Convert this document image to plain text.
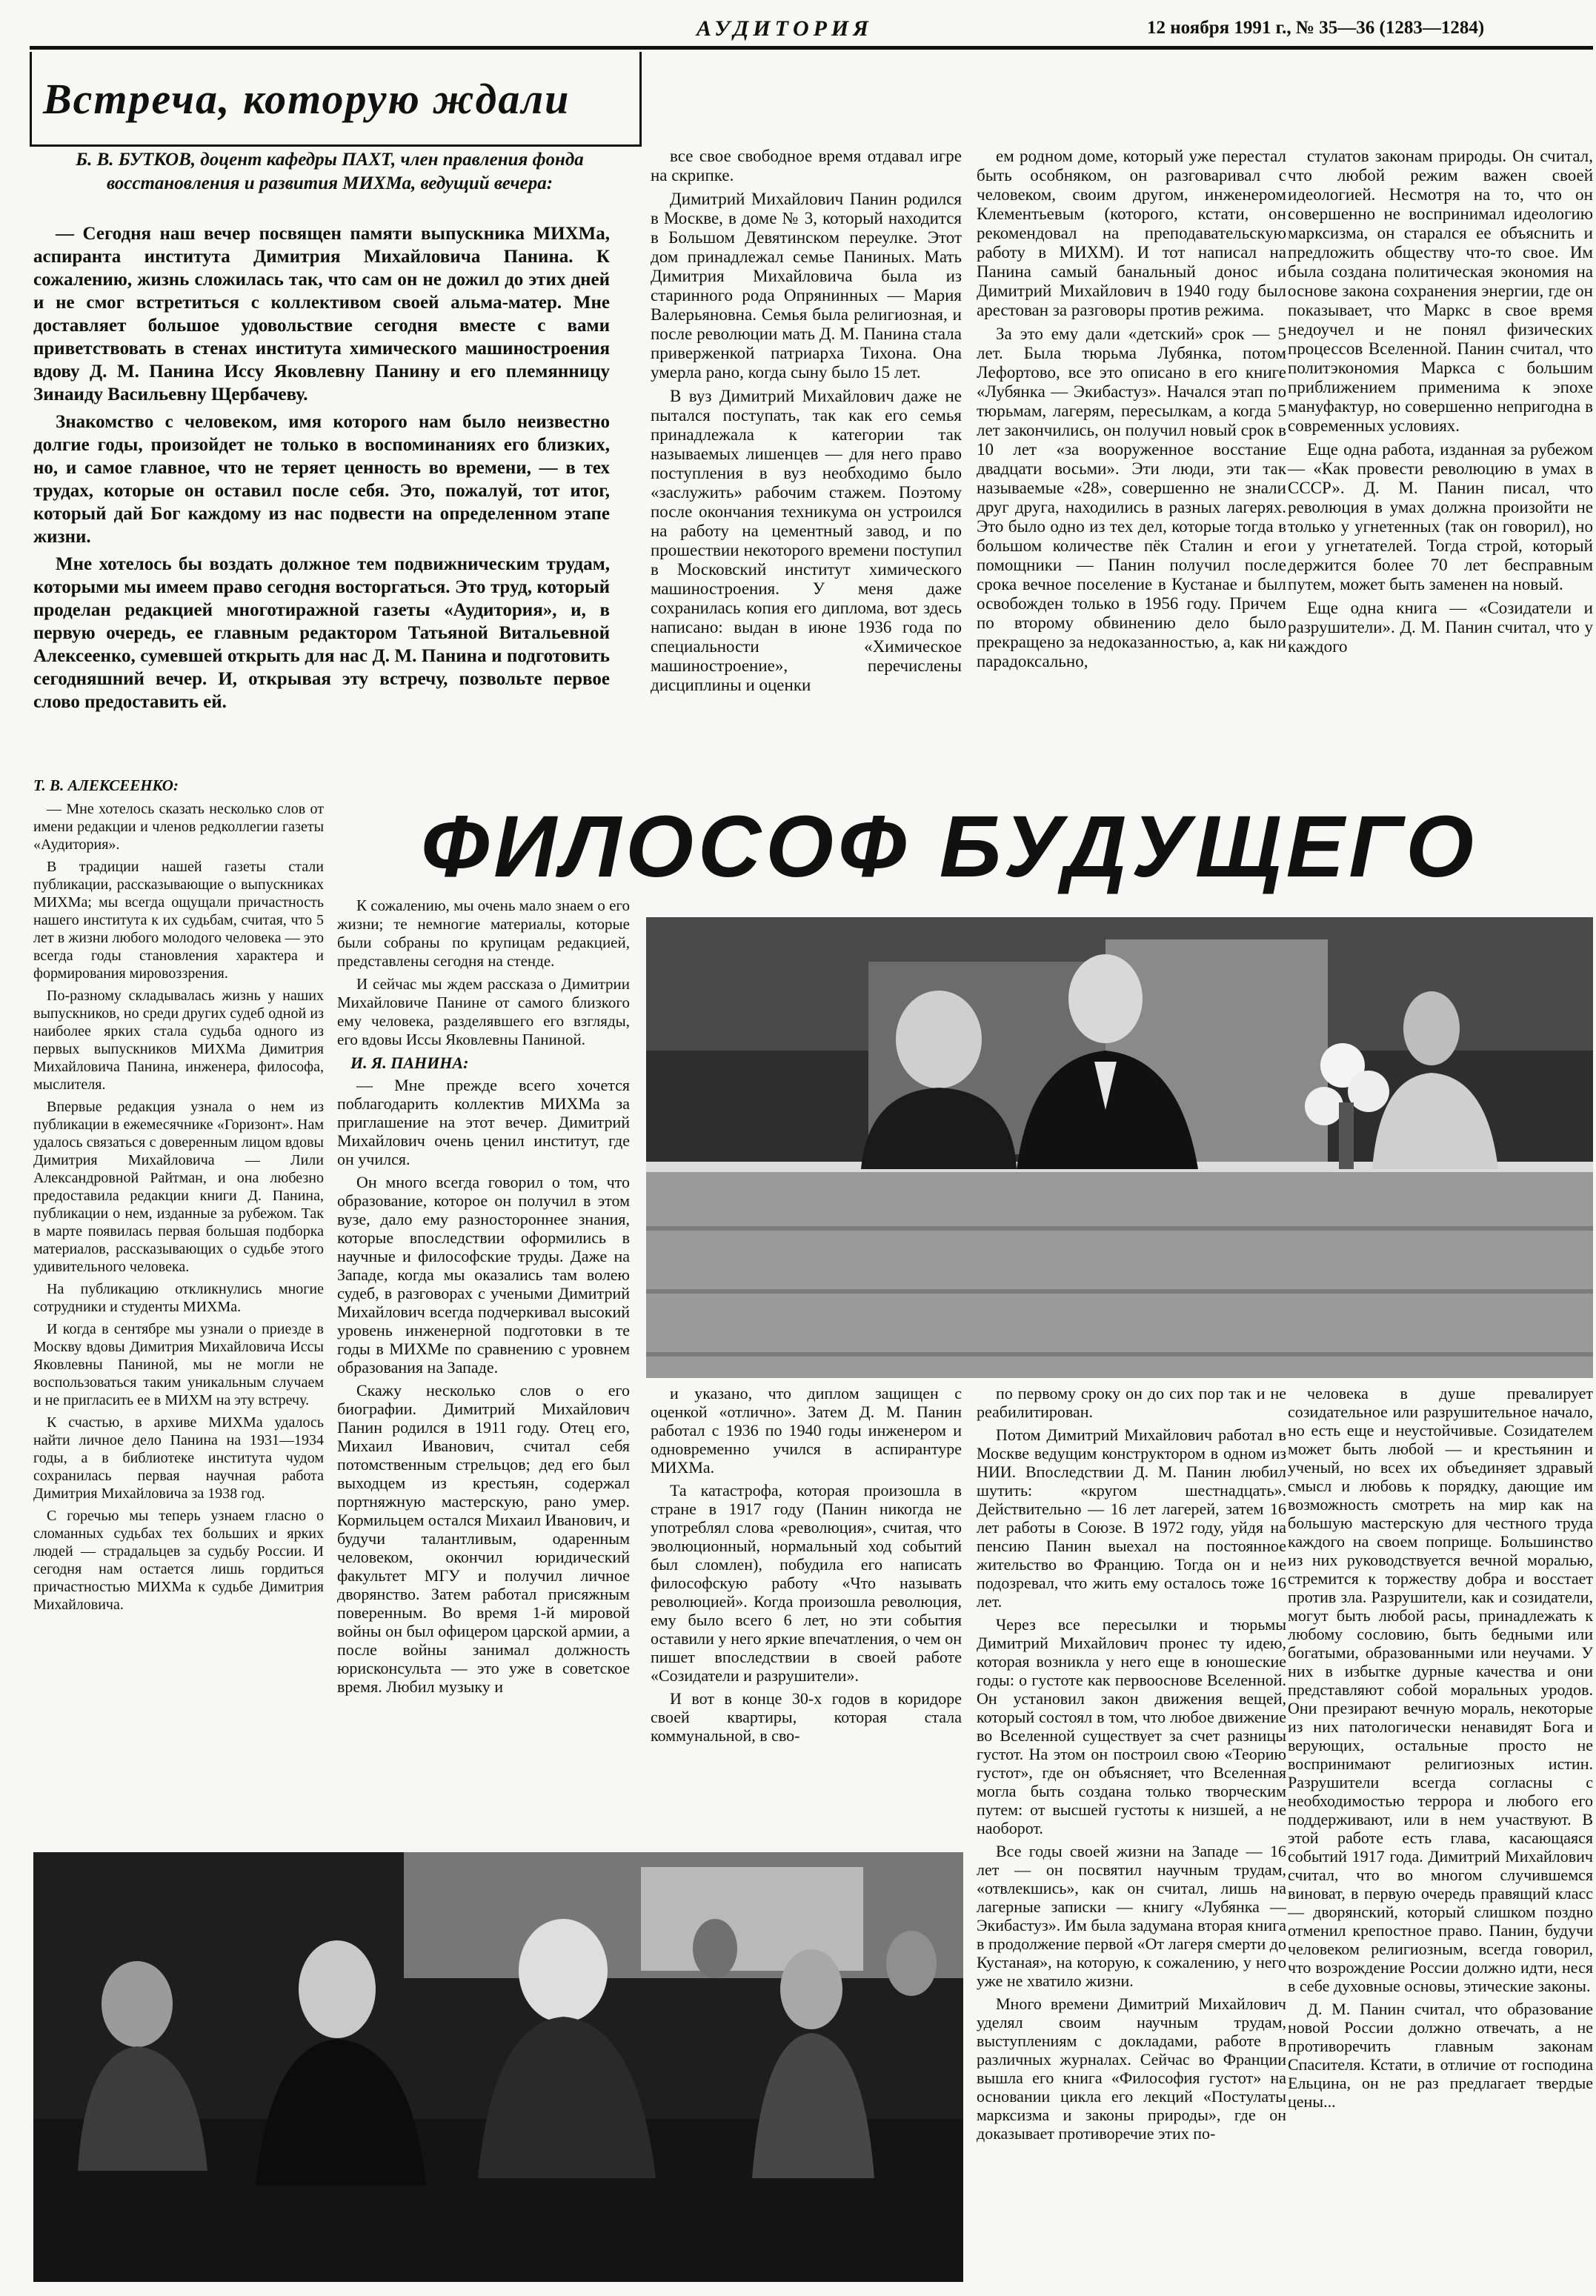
АУДИТОРИЯ	12 ноября 1991 г., № 35—36 (1283—1284)
Встреча, которую ждали
Б. В. БУТКОВ, доцент кафедры ПАХТ, член правления фонда восстановления и развития МИХМа, ведущий вечера:

— Сегодня наш вечер посвящен памяти выпускника МИХМа, аспиранта института Димитрия Михайловича Панина. К сожалению, жизнь сложилась так, что сам он не дожил до этих дней и не смог встретиться с коллективом своей альма-матер. Мне доставляет большое удовольствие сегодня вместе с вами приветствовать в стенах института химического машиностроения вдову Д. М. Панина Иссу Яковлевну Панину и его племянницу Зинаиду Васильевну Щербачеву.

Знакомство с человеком, имя которого нам было неизвестно долгие годы, произойдет не только в воспоминаниях его близких, но, и самое главное, что не теряет ценность во времени, — в тех трудах, которые он оставил после себя. Это, пожалуй, тот итог, который дай Бог каждому из нас подвести на определенном этапе жизни.

Мне хотелось бы воздать должное тем подвижническим трудам, которыми мы имеем право сегодня восторгаться. Это труд, который проделан редакцией многотиражной газеты «Аудитория», и, в первую очередь, ее главным редактором Татьяной Витальевной Алексеенко, сумевшей открыть для нас Д. М. Панина и подготовить сегодняшний вечер. И, открывая эту встречу, позвольте первое слово предоставить ей.

все свое свободное время отдавал игре на скрипке.

Димитрий Михайлович Панин родился в Москве, в доме № 3, который находится в Большом Девятинском переулке. Этот дом принадлежал семье Паниных. Мать Димитрия Михайловича была из старинного рода Опрянинных — Мария Валерьяновна. Семья была религиозная, и после революции мать Д. М. Панина стала приверженкой патриарха Тихона. Она умерла рано, когда сыну было 15 лет.

В вуз Димитрий Михайлович даже не пытался поступать, так как его семья принадлежала к категории так называемых лишенцев — для него право поступления в вуз необходимо было «заслужить» рабочим стажем. Поэтому после окончания техникума он устроился на работу на цементный завод, и по прошествии некоторого времени поступил в Московский институт химического машиностроения. У меня даже сохранилась копия его диплома, вот здесь написано: выдан в июне 1936 года по специальности «Химическое машиностроение», перечислены дисциплины и оценки

ем родном доме, который уже перестал быть особняком, он разговаривал с человеком, своим другом, инженером Клементьевым (которого, кстати, он рекомендовал на преподавательскую работу в МИХМ). И тот написал на Панина самый банальный донос и Димитрий Михайлович в 1940 году был арестован за разговоры против режима.

За это ему дали «детский» срок — 5 лет. Была тюрьма Лубянка, потом Лефортово, все это описано в его книге «Лубянка — Экибастуз». Начался этап по тюрьмам, лагерям, пересылкам, а когда 5 лет закончились, он получил новый срок в 10 лет «за вооруженное восстание двадцати восьми». Эти люди, эти так называемые «28», совершенно не знали друг друга, находились в разных лагерях. Это было одно из тех дел, которые тогда в большом количестве пёк Сталин и его помощники — Панин получил после срока вечное поселение в Кустанае и был освобожден только в 1956 году. Причем по второму обвинению дело было прекращено за недоказанностью, а, как ни парадоксально,

стулатов законам природы. Он считал, что любой режим важен своей идеологией. Несмотря на то, что он совершенно не воспринимал идеологию марксизма, он старался ее объяснить и предложить обществу что-то свое. Им была создана политическая экономия на основе закона сохранения энергии, где он показывает, что Маркс в свое время недоучел и не понял физических процессов Вселенной. Панин считал, что политэкономия Маркса с большим приближением применима к эпохе мануфактур, но совершенно непригодна в современных условиях.

Еще одна работа, изданная за рубежом — «Как провести революцию в умах в СССР». Д. М. Панин писал, что революция в умах должна произойти не только у угнетенных (так он говорил), но и у угнетателей. Тогда строй, который держится более 70 лет бесправным путем, может быть заменен на новый.

Еще одна книга — «Созидатели и разрушители». Д. М. Панин считал, что у каждого

Т. В. АЛЕКСЕЕНКО:

— Мне хотелось сказать несколько слов от имени редакции и членов редколлегии газеты «Аудитория».

В традиции нашей газеты стали публикации, рассказывающие о выпускниках МИХМа; мы всегда ощущали причастность нашего института к их судьбам, считая, что 5 лет в жизни любого молодого человека — это всегда годы становления характера и формирования мировоззрения.

По-разному складывалась жизнь у наших выпускников, но среди других судеб одной из наиболее ярких стала судьба одного из первых выпускников МИХМа Димитрия Михайловича Панина, инженера, философа, мыслителя.

Впервые редакция узнала о нем из публикации в ежемесячнике «Горизонт». Нам удалось связаться с доверенным лицом вдовы Димитрия Михайловича — Лили Александровной Райтман, и она любезно предоставила редакции книги Д. Панина, публикации о нем, изданные за рубежом. Так в марте появилась первая большая подборка материалов, рассказывающих о судьбе этого удивительного человека.

На публикацию откликнулись многие сотрудники и студенты МИХМа.

И когда в сентябре мы узнали о приезде в Москву вдовы Димитрия Михайловича Иссы Яковлевны Паниной, мы не могли не воспользоваться таким уникальным случаем и не пригласить ее в МИХМ на эту встречу.

К счастью, в архиве МИХМа удалось найти личное дело Панина на 1931—1934 годы, а в библиотеке института чудом сохранилась первая научная работа Димитрия Михайловича за 1938 год.

С горечью мы теперь узнаем гласно о сломанных судьбах тех больших и ярких людей — страдальцев за судьбу России. И сегодня нам остается лишь гордиться причастностью МИХМа к судьбе Димитрия Михайловича.

ФИЛОСОФ БУДУЩЕГО

К сожалению, мы очень мало знаем о его жизни; те немногие материалы, которые были собраны по крупицам редакцией, представлены сегодня на стенде.

И сейчас мы ждем рассказа о Димитрии Михайловиче Панине от самого близкого ему человека, разделявшего его взгляды, его вдовы Иссы Яковлевны Паниной.

И. Я. ПАНИНА:

— Мне прежде всего хочется поблагодарить коллектив МИХМа за приглашение на этот вечер. Димитрий Михайлович очень ценил институт, где он учился.

Он много всегда говорил о том, что образование, которое он получил в этом вузе, дало ему разностороннее знания, которые впоследствии оформились в научные и философские труды. Даже на Западе, когда мы оказались там волею судеб, в разговорах с учеными Димитрий Михайлович всегда подчеркивал высокий уровень инженерной подготовки в те годы в МИХМе по сравнению с уровнем образования на Западе.

Скажу несколько слов о его биографии. Димитрий Михайлович Панин родился в 1911 году. Отец его, Михаил Иванович, считал себя потомственным стрельцов; дед его был выходцем из крестьян, содержал портняжную мастерскую, рано умер. Кормильцем остался Михаил Иванович, и будучи талантливым, одаренным человеком, окончил юридический факультет МГУ и получил личное дворянство. Затем работал присяжным поверенным. Во время 1-й мировой войны он был офицером царской армии, а после войны занимал должность юрисконсульта — это уже в советское время. Любил музыку и

и указано, что диплом защищен с оценкой «отлично». Затем Д. М. Панин работал с 1936 по 1940 годы инженером и одновременно учился в аспирантуре МИХМа.

Та катастрофа, которая произошла в стране в 1917 году (Панин никогда не употреблял слова «революция», считая, что эволюционный, нормальный ход событий был сломлен), побудила его написать философскую работу «Что называть революцией». Когда произошла революция, ему было всего 6 лет, но эти события оставили у него яркие впечатления, о чем он пишет впоследствии в своей работе «Созидатели и разрушители».

И вот в конце 30-х годов в коридоре своей квартиры, которая стала коммунальной, в сво-

по первому сроку он до сих пор так и не реабилитирован.

Потом Димитрий Михайлович работал в Москве ведущим конструктором в одном из НИИ. Впоследствии Д. М. Панин любил шутить: «кругом шестнадцать». Действительно — 16 лет лагерей, затем 16 лет работы в Союзе. В 1972 году, уйдя на пенсию Панин выехал на постоянное жительство во Францию. Тогда он и не подозревал, что жить ему осталось тоже 16 лет.

Через все пересылки и тюрьмы Димитрий Михайлович пронес ту идею, которая возникла у него еще в юношеские годы: о густоте как первооснове Вселенной. Он установил закон движения вещей, который состоял в том, что любое движение во Вселенной существует за счет разницы густот. На этом он построил свою «Теорию густот», где он объясняет, что Вселенная могла быть создана только творческим путем: от высшей густоты к низшей, а не наоборот.

Все годы своей жизни на Западе — 16 лет — он посвятил научным трудам, «отвлекшись», как он считал, лишь на лагерные записки — книгу «Лубянка — Экибастуз». Им была задумана вторая книга в продолжение первой «От лагеря смерти до Кустаная», на которую, к сожалению, у него уже не хватило жизни.

Много времени Димитрий Михайлович уделял своим научным трудам, выступлениям с докладами, работе в различных журналах. Сейчас во Франции вышла его книга «Философия густот» на основании цикла его лекций «Постулаты марксизма и законы природы», где он доказывает противоречие этих по-

человека в душе превалирует созидательное или разрушительное начало, но есть еще и неустойчивые. Созидателем может быть любой — и крестьянин и ученый, но всех их объединяет здравый смысл и любовь к порядку, дающие им возможность смотреть на мир как на большую мастерскую для честного труда каждого на своем поприще. Большинство из них руководствуется вечной моралью, стремится к торжеству добра и восстает против зла. Разрушители, как и созидатели, могут быть любой расы, принадлежать к любому сословию, быть бедными или богатыми, образованными или неучами. У них в избытке дурные качества и они представляют собой моральных уродов. Они презирают вечную мораль, некоторые из них патологически ненавидят Бога и верующих, остальные просто не воспринимают религиозных истин. Разрушители всегда согласны с необходимостью террора и любого его поддерживают, или в нем участвуют. В этой работе есть глава, касающаяся событий 1917 года. Димитрий Михайлович считал, что во многом случившемся виноват, в первую очередь правящий класс — дворянский, который слишком поздно отменил крепостное право. Панин, будучи человеком религиозным, всегда говорил, что возрождение России должно идти, неся в себе духовные основы, этические законы.

Д. М. Панин считал, что образование новой России должно отвечать, а не противоречить главным законам Спасителя. Кстати, в отличие от господина Ельцина, он не раз предлагает твердые цены...
